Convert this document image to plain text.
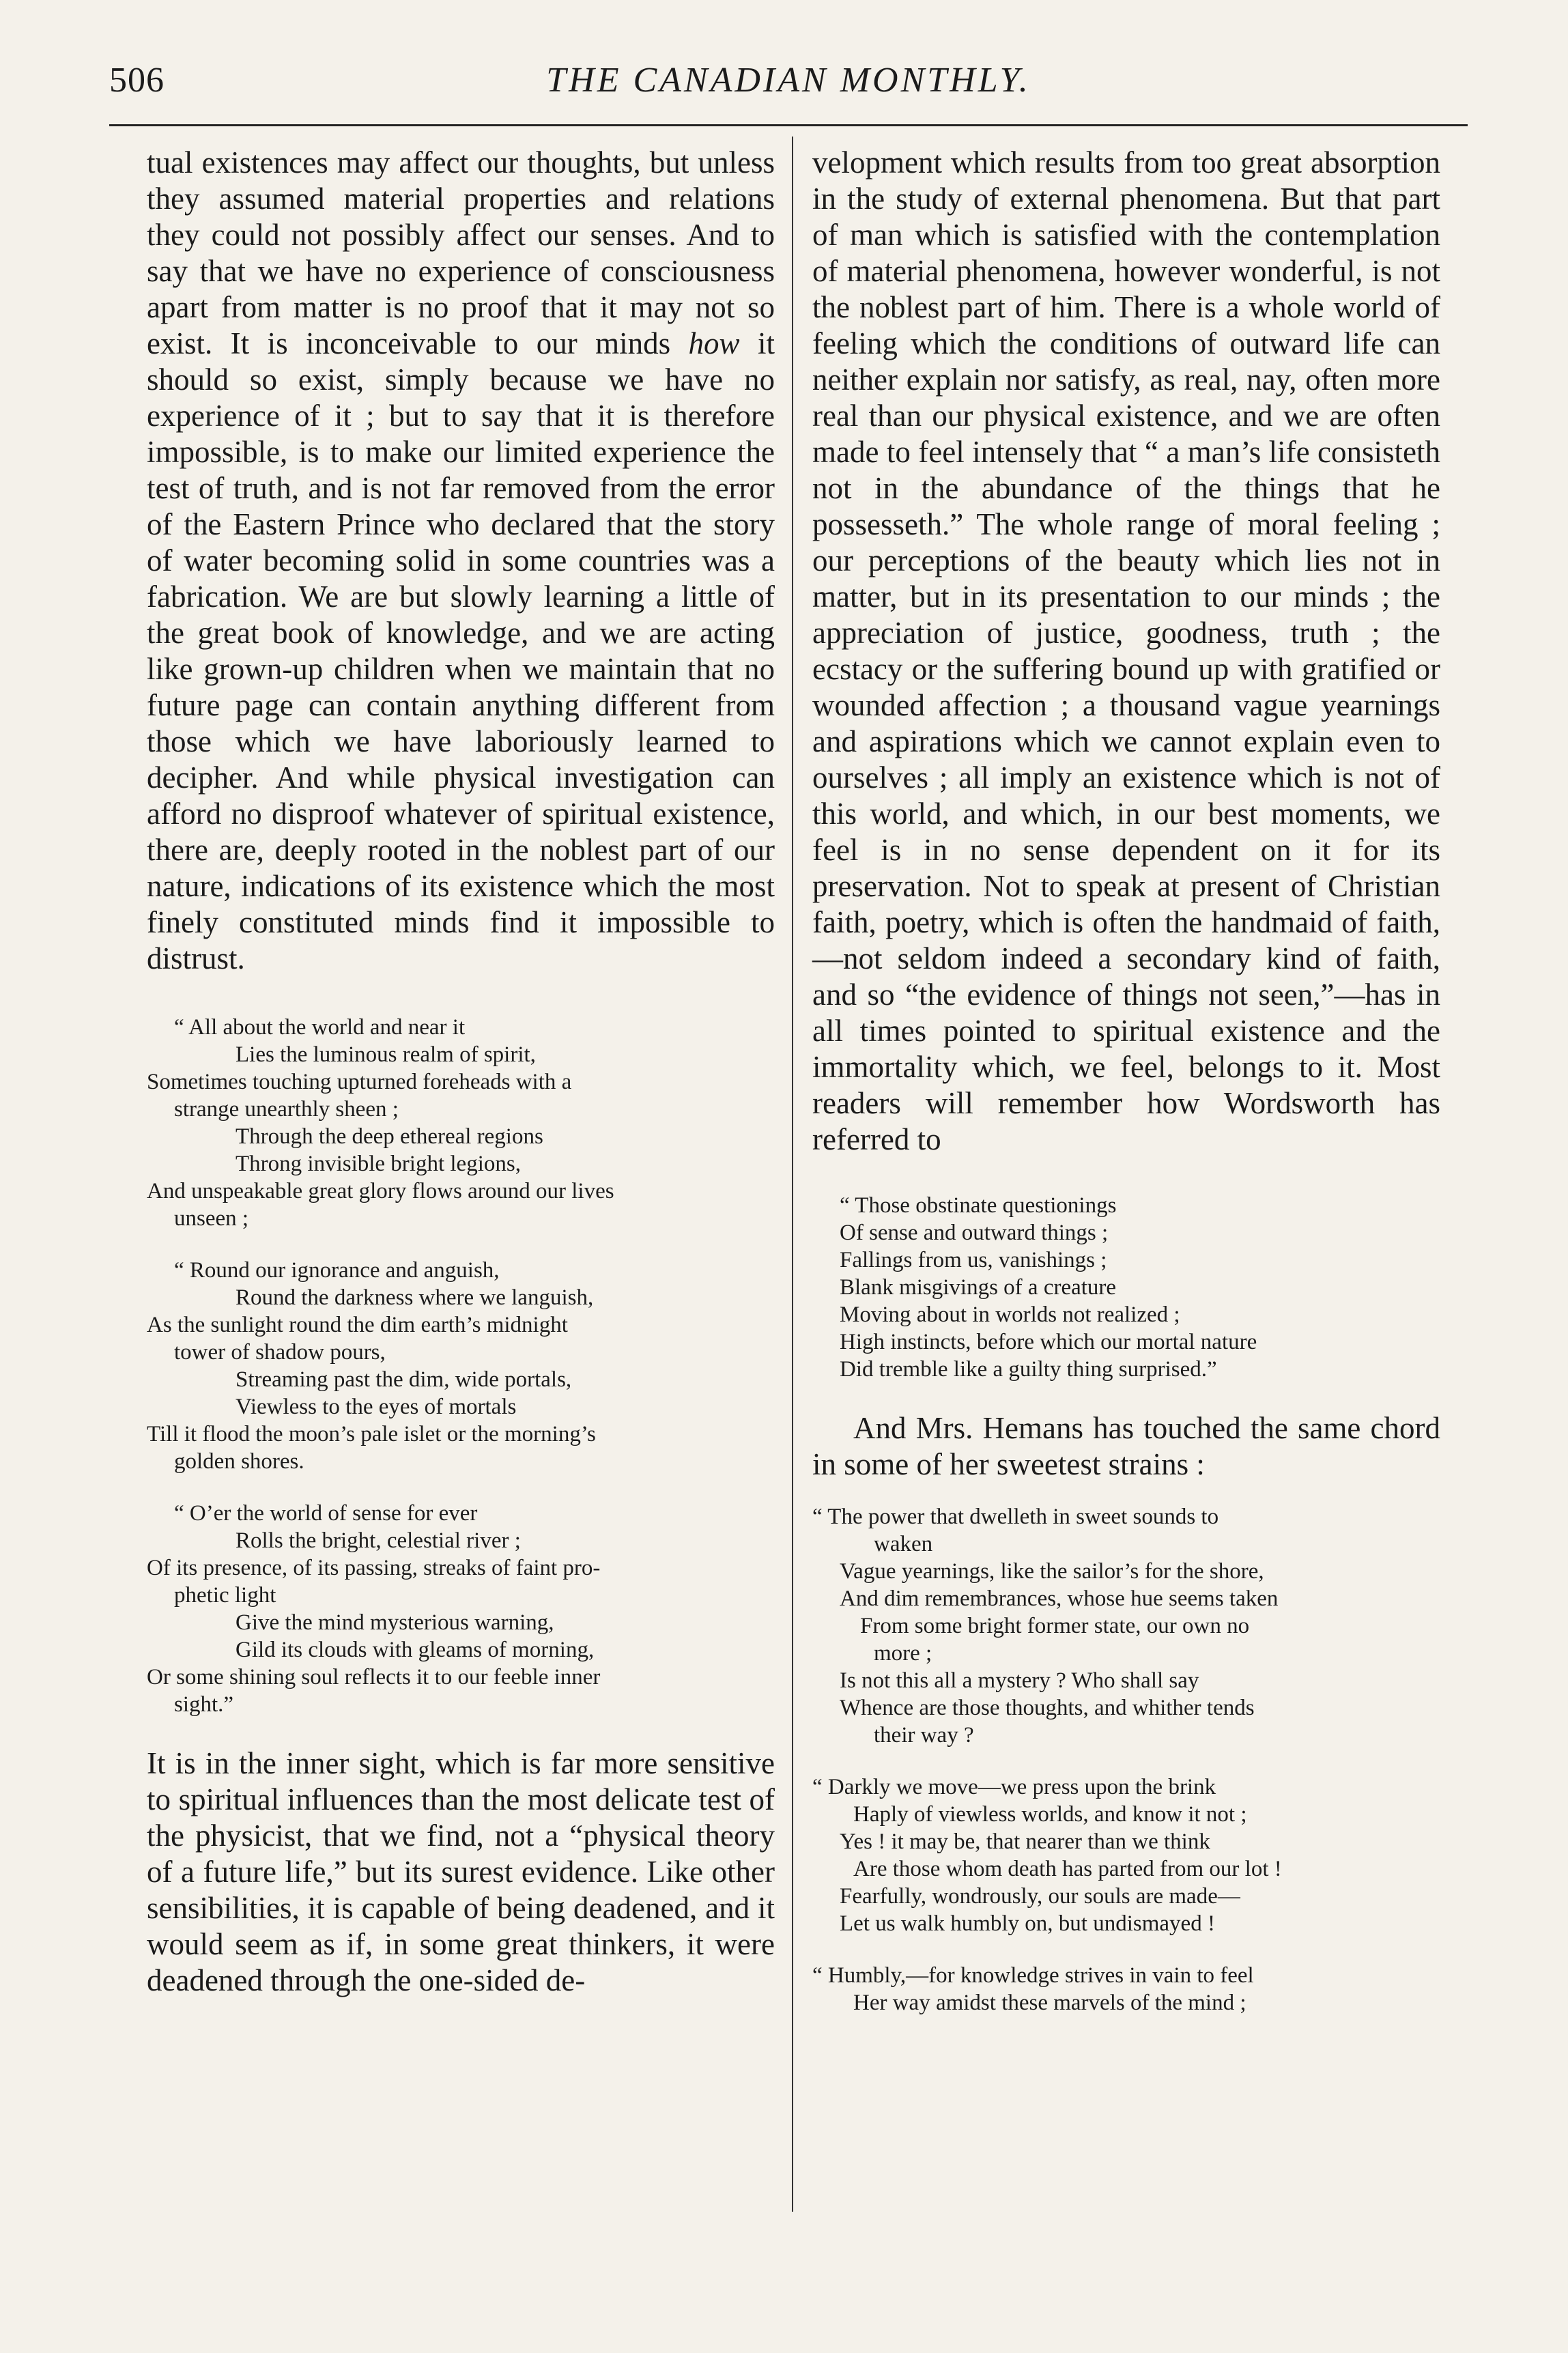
506	THE CANADIAN MONTHLY.

tual existences may affect our thoughts, but unless they assumed material properties and relations they could not possibly affect our senses. And to say that we have no experience of consciousness apart from matter is no proof that it may not so exist. It is inconceivable to our minds how it should so exist, simply because we have no experience of it ; but to say that it is therefore impossible, is to make our limited experience the test of truth, and is not far removed from the error of the Eastern Prince who declared that the story of water becoming solid in some countries was a fabrication. We are but slowly learning a little of the great book of knowledge, and we are acting like grown-up children when we maintain that no future page can contain anything different from those which we have laboriously learned to decipher. And while physical investigation can afford no disproof whatever of spiritual existence, there are, deeply rooted in the noblest part of our nature, indications of its existence which the most finely constituted minds find it impossible to distrust.

“ All about the world and near it

Lies the luminous realm of spirit,

Sometimes touching upturned foreheads with a

strange unearthly sheen ;

Through the deep ethereal regions

Throng invisible bright legions,

And unspeakable great glory flows around our lives

unseen ;

“ Round our ignorance and anguish,

Round the darkness where we languish,

As the sunlight round the dim earth’s midnight

tower of shadow pours,

Streaming past the dim, wide portals,

Viewless to the eyes of mortals

Till it flood the moon’s pale islet or the morning’s

golden shores.

“ O’er the world of sense for ever

Rolls the bright, celestial river ;

Of its presence, of its passing, streaks of faint pro-

phetic light

Give the mind mysterious warning,

Gild its clouds with gleams of morning,

Or some shining soul reflects it to our feeble inner

sight.”

It is in the inner sight, which is far more sensitive to spiritual influences than the most delicate test of the physicist, that we find, not a “physical theory of a future life,” but its surest evidence. Like other sensibilities, it is capable of being deadened, and it would seem as if, in some great thinkers, it were deadened through the one-sided de-

velopment which results from too great absorption in the study of external phenomena. But that part of man which is satisfied with the contemplation of material phenomena, however wonderful, is not the noblest part of him. There is a whole world of feeling which the conditions of outward life can neither explain nor satisfy, as real, nay, often more real than our physical existence, and we are often made to feel intensely that “ a man’s life consisteth not in the abundance of the things that he possesseth.” The whole range of moral feeling ; our perceptions of the beauty which lies not in matter, but in its presentation to our minds ; the appreciation of justice, goodness, truth ; the ecstacy or the suffering bound up with gratified or wounded affection ; a thousand vague yearnings and aspirations which we cannot explain even to ourselves ; all imply an existence which is not of this world, and which, in our best moments, we feel is in no sense dependent on it for its preservation. Not to speak at present of Christian faith, poetry, which is often the handmaid of faith,—not seldom indeed a secondary kind of faith, and so “the evidence of things not seen,”—has in all times pointed to spiritual existence and the immortality which, we feel, belongs to it. Most readers will remember how Wordsworth has referred to

“ Those obstinate questionings

Of sense and outward things ;

Fallings from us, vanishings ;

Blank misgivings of a creature

Moving about in worlds not realized ;

High instincts, before which our mortal nature

Did tremble like a guilty thing surprised.”

And Mrs. Hemans has touched the same chord in some of her sweetest strains :

“ The power that dwelleth in sweet sounds to

waken

Vague yearnings, like the sailor’s for the shore,

And dim remembrances, whose hue seems taken

From some bright former state, our own no

more ;

Is not this all a mystery ? Who shall say

Whence are those thoughts, and whither tends

their way ?

“ Darkly we move—we press upon the brink

Haply of viewless worlds, and know it not ;

Yes ! it may be, that nearer than we think

Are those whom death has parted from our lot !

Fearfully, wondrously, our souls are made—

Let us walk humbly on, but undismayed !

“ Humbly,—for knowledge strives in vain to feel

Her way amidst these marvels of the mind ;
